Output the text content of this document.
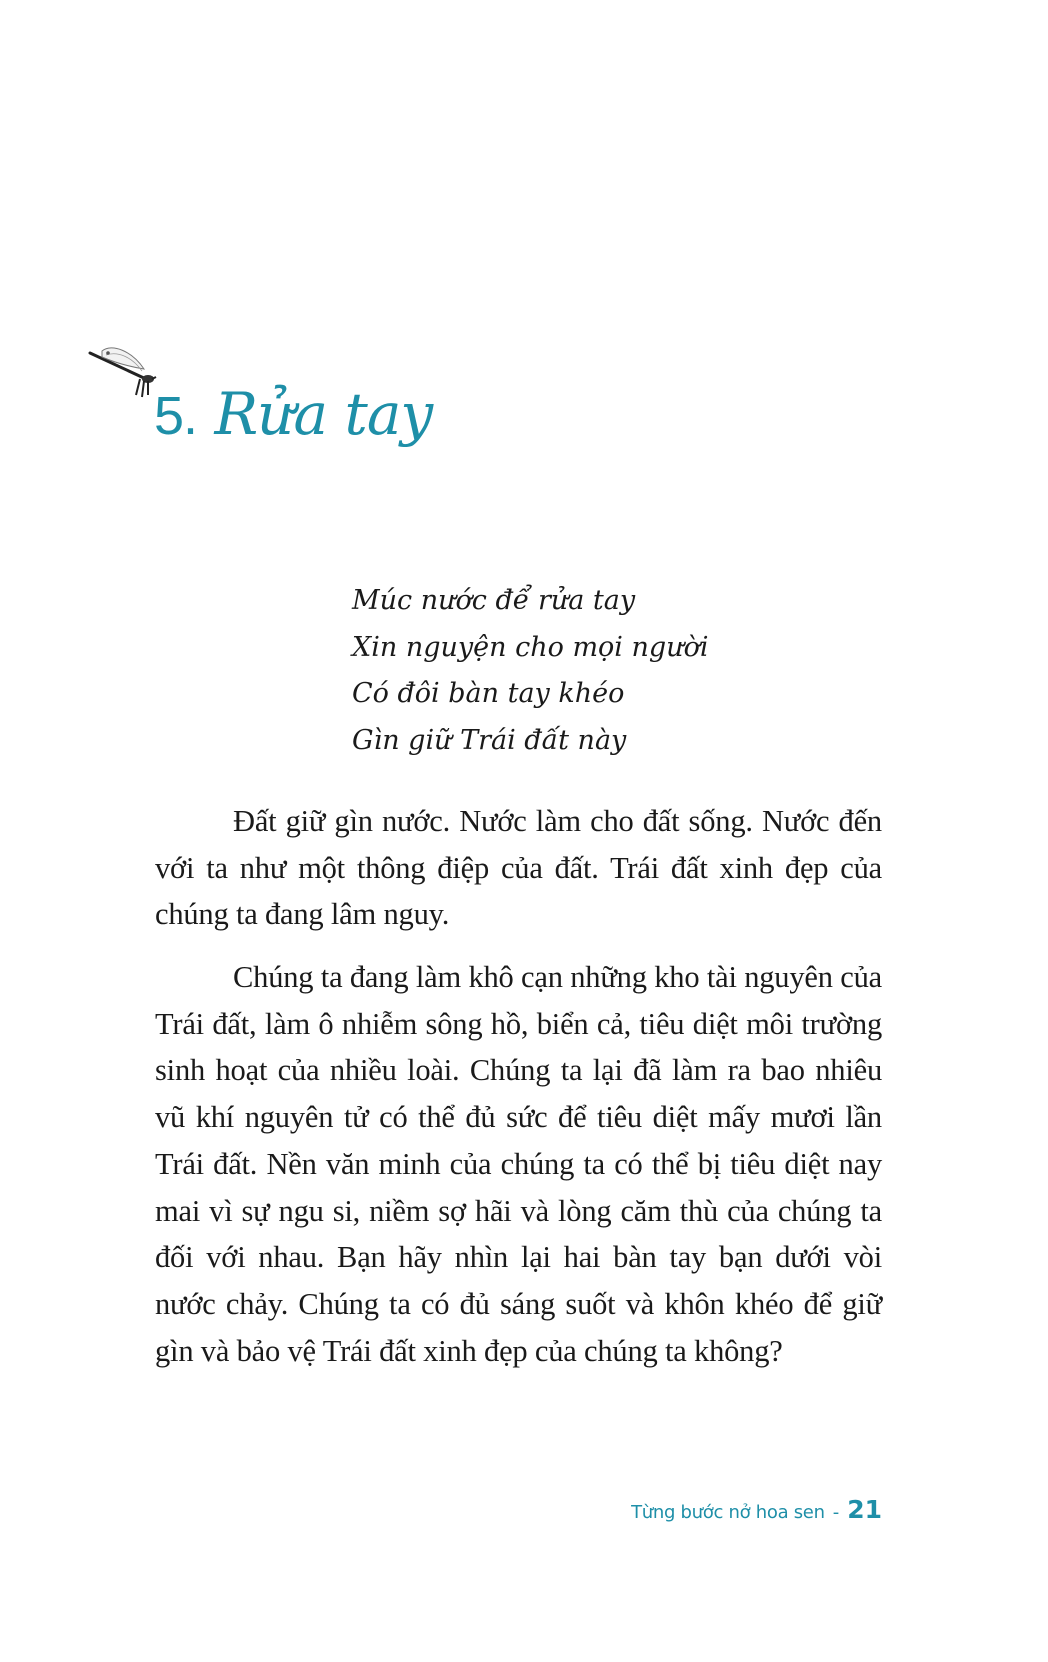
5. Rửa tay
Múc nước để rửa tay
Xin nguyện cho mọi người
Có đôi bàn tay khéo
Gìn giữ Trái đất này
Đất giữ gìn nước. Nước làm cho đất sống. Nước đến với ta như một thông điệp của đất. Trái đất xinh đẹp của chúng ta đang lâm nguy.
Chúng ta đang làm khô cạn những kho tài nguyên của Trái đất, làm ô nhiễm sông hồ, biển cả, tiêu diệt môi trường sinh hoạt của nhiều loài. Chúng ta lại đã làm ra bao nhiêu vũ khí nguyên tử có thể đủ sức để tiêu diệt mấy mươi lần Trái đất. Nền văn minh của chúng ta có thể bị tiêu diệt nay mai vì sự ngu si, niềm sợ hãi và lòng căm thù của chúng ta đối với nhau. Bạn hãy nhìn lại hai bàn tay bạn dưới vòi nước chảy. Chúng ta có đủ sáng suốt và khôn khéo để giữ gìn và bảo vệ Trái đất xinh đẹp của chúng ta không?
Từng bước nở hoa sen - 21
